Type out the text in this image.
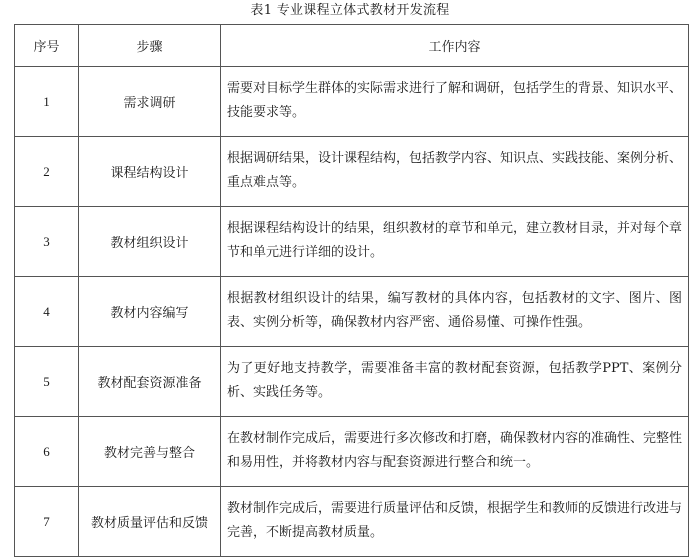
表1 专业课程立体式教材开发流程
序号	步骤	工作内容
1	需求调研	需要对目标学生群体的实际需求进行了解和调研，包括学生的背景、知识水平、技能要求等。
2	课程结构设计	根据调研结果，设计课程结构，包括教学内容、知识点、实践技能、案例分析、重点难点等。
3	教材组织设计	根据课程结构设计的结果，组织教材的章节和单元，建立教材目录，并对每个章节和单元进行详细的设计。
4	教材内容编写	根据教材组织设计的结果，编写教材的具体内容，包括教材的文字、图片、图表、实例分析等，确保教材内容严密、通俗易懂、可操作性强。
5	教材配套资源准备	为了更好地支持教学，需要准备丰富的教材配套资源，包括教学PPT、案例分析、实践任务等。
6	教材完善与整合	在教材制作完成后，需要进行多次修改和打磨，确保教材内容的准确性、完整性和易用性，并将教材内容与配套资源进行整合和统一。
7	教材质量评估和反馈	教材制作完成后，需要进行质量评估和反馈，根据学生和教师的反馈进行改进与完善，不断提高教材质量。
